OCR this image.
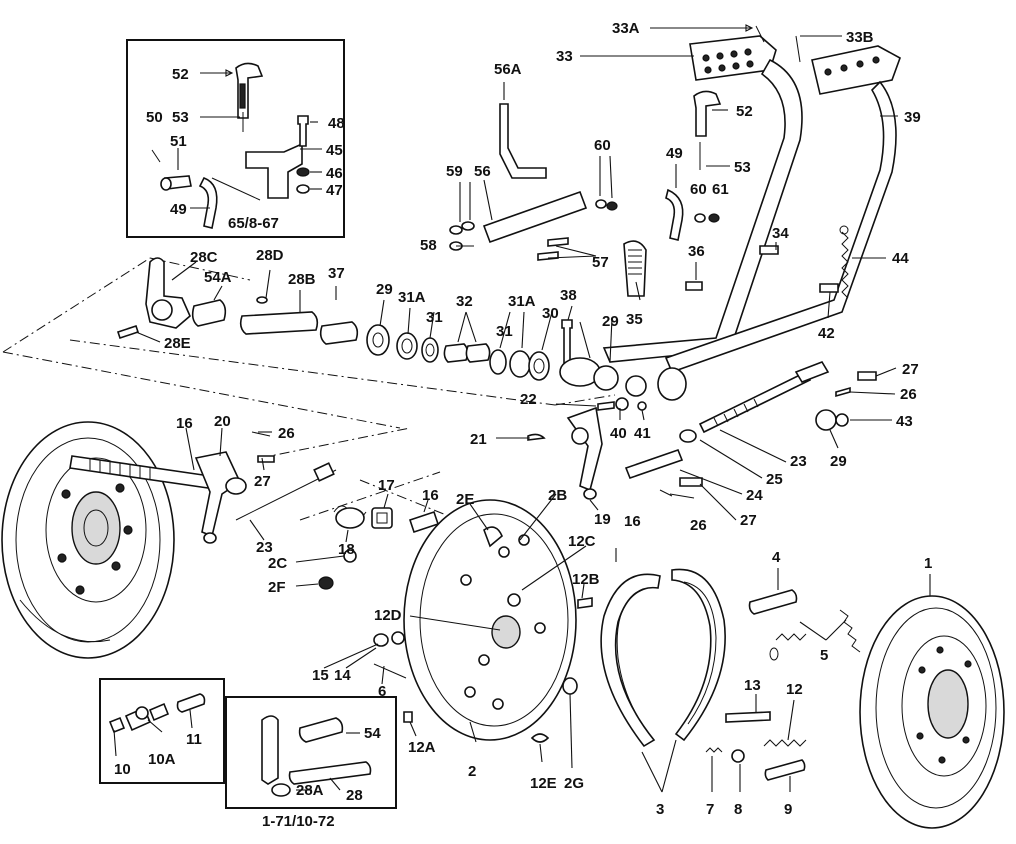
52
53
50
51
48
45
46
47
49
65/8-67
33A
33
33B
39
56A
52
53
60	49
60 61
59 56
58
57
34
36	44
35
42
28C	28D
54A	28B 37
28E
29 31A
31
32
31
31A
30
38
29
27
26
43
29
23
25
24
27
26
22
40 41
21
19
16 20
26
27
23
17
16 2E	2B
12C
16
18
2C
2F	12B
12D
15 14
6
12A
2
12E 2G
3	7 8	9
13 12
4
5
1
10
10A
11	54
28A 28
1-71/10-72
